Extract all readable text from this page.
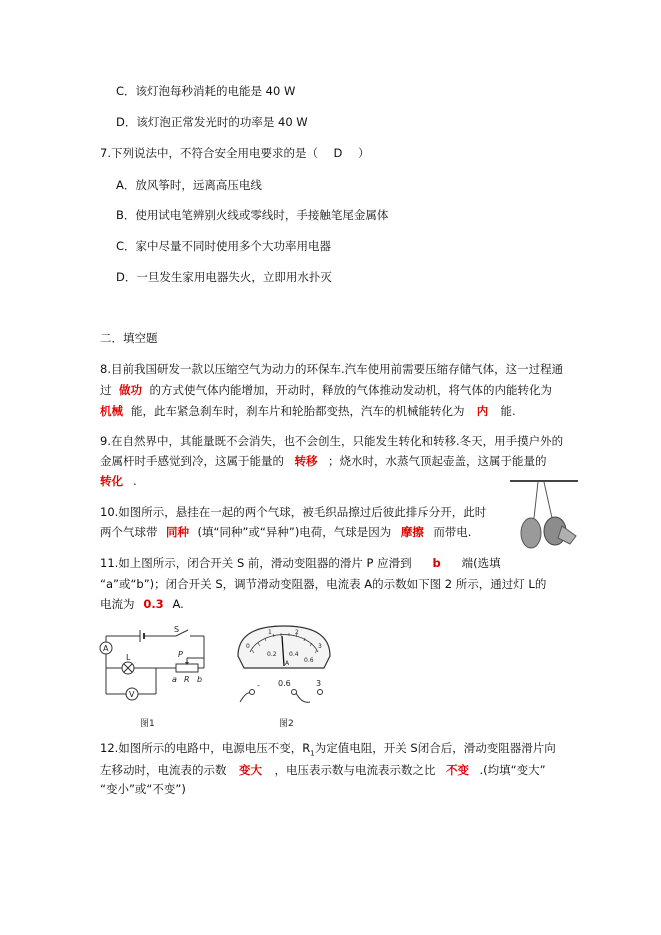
C．该灯泡每秒消耗的电能是 40 W
D．该灯泡正常发光时的功率是 40 W
7.下列说法中，不符合安全用电要求的是（ D ）
A．放风筝时，远离高压电线
B．使用试电笔辨别火线或零线时，手接触笔尾金属体
C．家中尽量不同时使用多个大功率用电器
D．一旦发生家用电器失火，立即用水扑灭
二．填空题
8.目前我国研发一款以压缩空气为动力的环保车.汽车使用前需要压缩存储气体，这一过程通
过 做功 的方式使气体内能增加，开动时，释放的气体推动发动机，将气体的内能转化为
机械 能，此车紧急刹车时，刹车片和轮胎都变热，汽车的机械能转化为 内 能.
9.在自然界中，其能量既不会消失，也不会创生，只能发生转化和转移.冬天，用手摸户外的
金属杆时手感觉到冷，这属于能量的 转移 ；烧水时，水蒸气顶起壶盖，这属于能量的
转化 .
10.如图所示，悬挂在一起的两个气球，被毛织品擦过后彼此排斥分开，此时
两个气球带 同种 (填“同种”或“异种”)电荷，气球是因为 摩擦 而带电.
11.如上图所示，闭合开关 S 前，滑动变阻器的滑片 P 应滑到 b 端(选填
“a”或“b”)；闭合开关 S，调节滑动变阻器，电流表 A的示数如下图 2 所示，通过灯 L的
电流为 0.3 A.
S
A
L	P
a R b
V
图1
0
1	2
3
0.2 0.4
0.6
A
- 0.6	3
图2
12.如图所示的电路中，电源电压不变，$R_1$为定值电阻，开关 S闭合后，滑动变阻器滑片向
左移动时，电流表的示数 变大 ，电压表示数与电流表示数之比 不变 .(均填“变大”
“变小”或“不变”)
